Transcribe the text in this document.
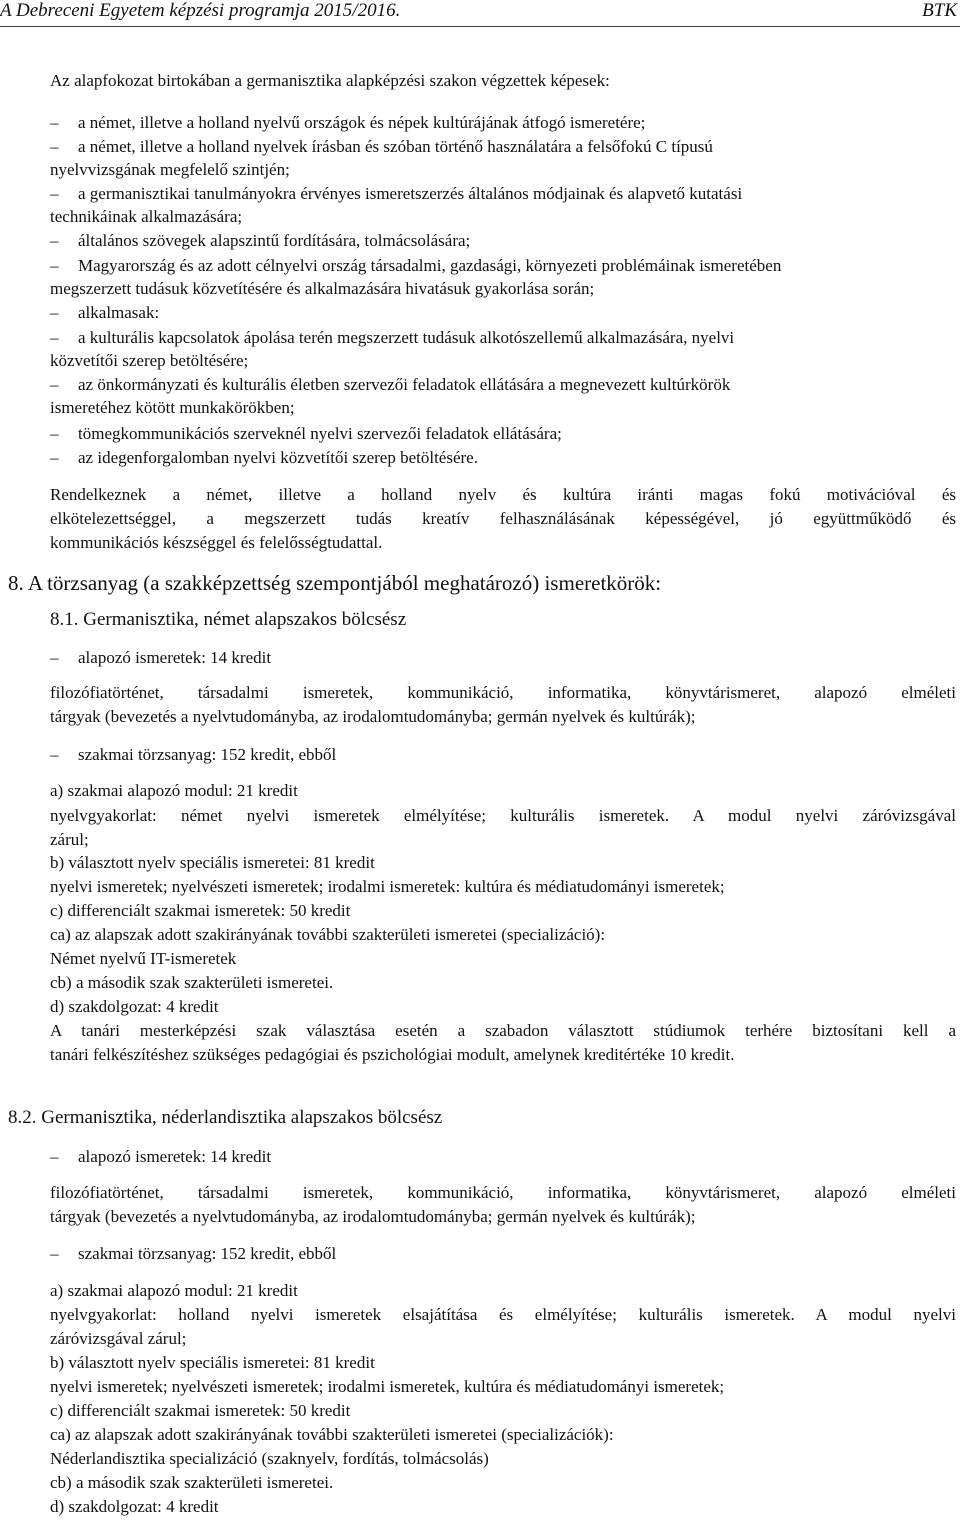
A Debreceni Egyetem képzési programja 2015/2016.	BTK
Az alapfokozat birtokában a germanisztika alapképzési szakon végzettek képesek:
– a német, illetve a holland nyelvű országok és népek kultúrájának átfogó ismeretére;
– a német, illetve a holland nyelvek írásban és szóban történő használatára a felsőfokú C típusú
nyelvvizsgának megfelelő szintjén;
– a germanisztikai tanulmányokra érvényes ismeretszerzés általános módjainak és alapvető kutatási
technikáinak alkalmazására;
– általános szövegek alapszintű fordítására, tolmácsolására;
– Magyarország és az adott célnyelvi ország társadalmi, gazdasági, környezeti problémáinak ismeretében
megszerzett tudásuk közvetítésére és alkalmazására hivatásuk gyakorlása során;
– alkalmasak:
– a kulturális kapcsolatok ápolása terén megszerzett tudásuk alkotószellemű alkalmazására, nyelvi
közvetítői szerep betöltésére;
– az önkormányzati és kulturális életben szervezői feladatok ellátására a megnevezett kultúrkörök
ismeretéhez kötött munkakörökben;
– tömegkommunikációs szerveknél nyelvi szervezői feladatok ellátására;
– az idegenforgalomban nyelvi közvetítői szerep betöltésére.
Rendelkeznek a német, illetve a holland nyelv és kultúra iránti magas fokú motivációval és
elkötelezettséggel, a megszerzett tudás kreatív felhasználásának képességével, jó együttműködő és
kommunikációs készséggel és felelősségtudattal.
8. A törzsanyag (a szakképzettség szempontjából meghatározó) ismeretkörök:
8.1. Germanisztika, német alapszakos bölcsész
– alapozó ismeretek: 14 kredit
filozófiatörténet, társadalmi ismeretek, kommunikáció, informatika, könyvtárismeret, alapozó elméleti
tárgyak (bevezetés a nyelvtudományba, az irodalomtudományba; germán nyelvek és kultúrák);
– szakmai törzsanyag: 152 kredit, ebből
a) szakmai alapozó modul: 21 kredit
nyelvgyakorlat: német nyelvi ismeretek elmélyítése; kulturális ismeretek. A modul nyelvi záróvizsgával
zárul;
b) választott nyelv speciális ismeretei: 81 kredit
nyelvi ismeretek; nyelvészeti ismeretek; irodalmi ismeretek: kultúra és médiatudományi ismeretek;
c) differenciált szakmai ismeretek: 50 kredit
ca) az alapszak adott szakirányának további szakterületi ismeretei (specializáció):
Német nyelvű IT-ismeretek
cb) a második szak szakterületi ismeretei.
d) szakdolgozat: 4 kredit
A tanári mesterképzési szak választása esetén a szabadon választott stúdiumok terhére biztosítani kell a
tanári felkészítéshez szükséges pedagógiai és pszichológiai modult, amelynek kreditértéke 10 kredit.
8.2. Germanisztika, néderlandisztika alapszakos bölcsész
– alapozó ismeretek: 14 kredit
filozófiatörténet, társadalmi ismeretek, kommunikáció, informatika, könyvtárismeret, alapozó elméleti
tárgyak (bevezetés a nyelvtudományba, az irodalomtudományba; germán nyelvek és kultúrák);
– szakmai törzsanyag: 152 kredit, ebből
a) szakmai alapozó modul: 21 kredit
nyelvgyakorlat: holland nyelvi ismeretek elsajátítása és elmélyítése; kulturális ismeretek. A modul nyelvi
záróvizsgával zárul;
b) választott nyelv speciális ismeretei: 81 kredit
nyelvi ismeretek; nyelvészeti ismeretek; irodalmi ismeretek, kultúra és médiatudományi ismeretek;
c) differenciált szakmai ismeretek: 50 kredit
ca) az alapszak adott szakirányának további szakterületi ismeretei (specializációk):
Néderlandisztika specializáció (szaknyelv, fordítás, tolmácsolás)
cb) a második szak szakterületi ismeretei.
d) szakdolgozat: 4 kredit
